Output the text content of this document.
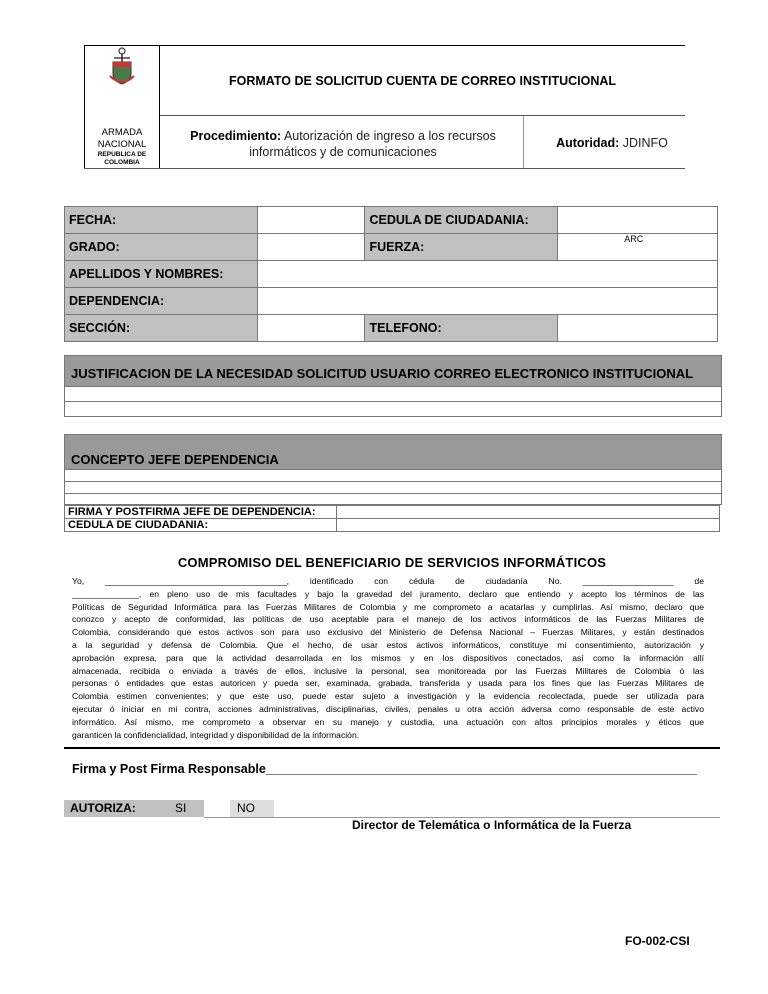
ARMADA
NACIONAL
REPUBLICA DE
COLOMBIA
FORMATO DE SOLICITUD CUENTA DE CORREO INSTITUCIONAL
Procedimiento: Autorización de ingreso a los recursos informáticos y de comunicaciones
Autoridad: JDINFO
FECHA:		CEDULA DE CIUDADANIA:	
GRADO:		FUERZA:	ARC
APELLIDOS Y NOMBRES:			
DEPENDENCIA:			
SECCIÓN:		TELEFONO:	
JUSTIFICACION DE LA NECESIDAD SOLICITUD USUARIO CORREO ELECTRONICO INSTITUCIONAL
CONCEPTO JEFE DEPENDENCIA
FIRMA Y POSTFIRMA JEFE DE DEPENDENCIA:	
CEDULA DE CIUDADANIA:	
COMPROMISO DEL BENEFICIARIO DE SERVICIOS INFORMÁTICOS
Yo, ______________________________________, identificado con cédula de ciudadanía No. ___________________ de
______________, en pleno uso de mis facultades y bajo la gravedad del juramento, declaro que entiendo y acepto los términos de las
Políticas de Seguridad Informática para las Fuerzas Militares de Colombia y me comprometo a acatarlas y cumplirlas. Así mismo, declaro que
conozco y acepto de conformidad, las políticas de uso aceptable para el manejo de los activos informáticos de las Fuerzas Militares de
Colombia, considerando que estos activos son para uso exclusivo del Ministerio de Defensa Nacional – Fuerzas Militares, y están destinados
a la seguridad y defensa de Colombia. Que el hecho, de usar estos activos informáticos, constituye mi consentimiento, autorización y
aprobación expresa, para que la actividad desarrollada en los mismos y en los dispositivos conectados, así como la información allí
almacenada, recibida o enviada a través de ellos, inclusive la personal, sea monitoreada por las Fuerzas Militares de Colombia ó las
personas ó entidades que estas autoricen y pueda ser, examinada, grabada, transferida y usada para los fines que las Fuerzas Militares de
Colombia estimen convenientes; y que este uso, puede estar sujeto a investigación y la evidencia recolectada, puede ser utilizada para
ejecutar ó iniciar en mi contra, acciones administrativas, disciplinarias, civiles, penales u otra acción adversa como responsable de este activo
informático. Así mismo, me comprometo a observar en su manejo y custodia, una actuación con altos principios morales y éticos que
garanticen la confidencialidad, integridad y disponibilidad de la información.
Firma y Post Firma Responsable______________________________________________________________
AUTORIZA:	SI	NO
Director de Telemática o Informática de la Fuerza
FO-002-CSI
